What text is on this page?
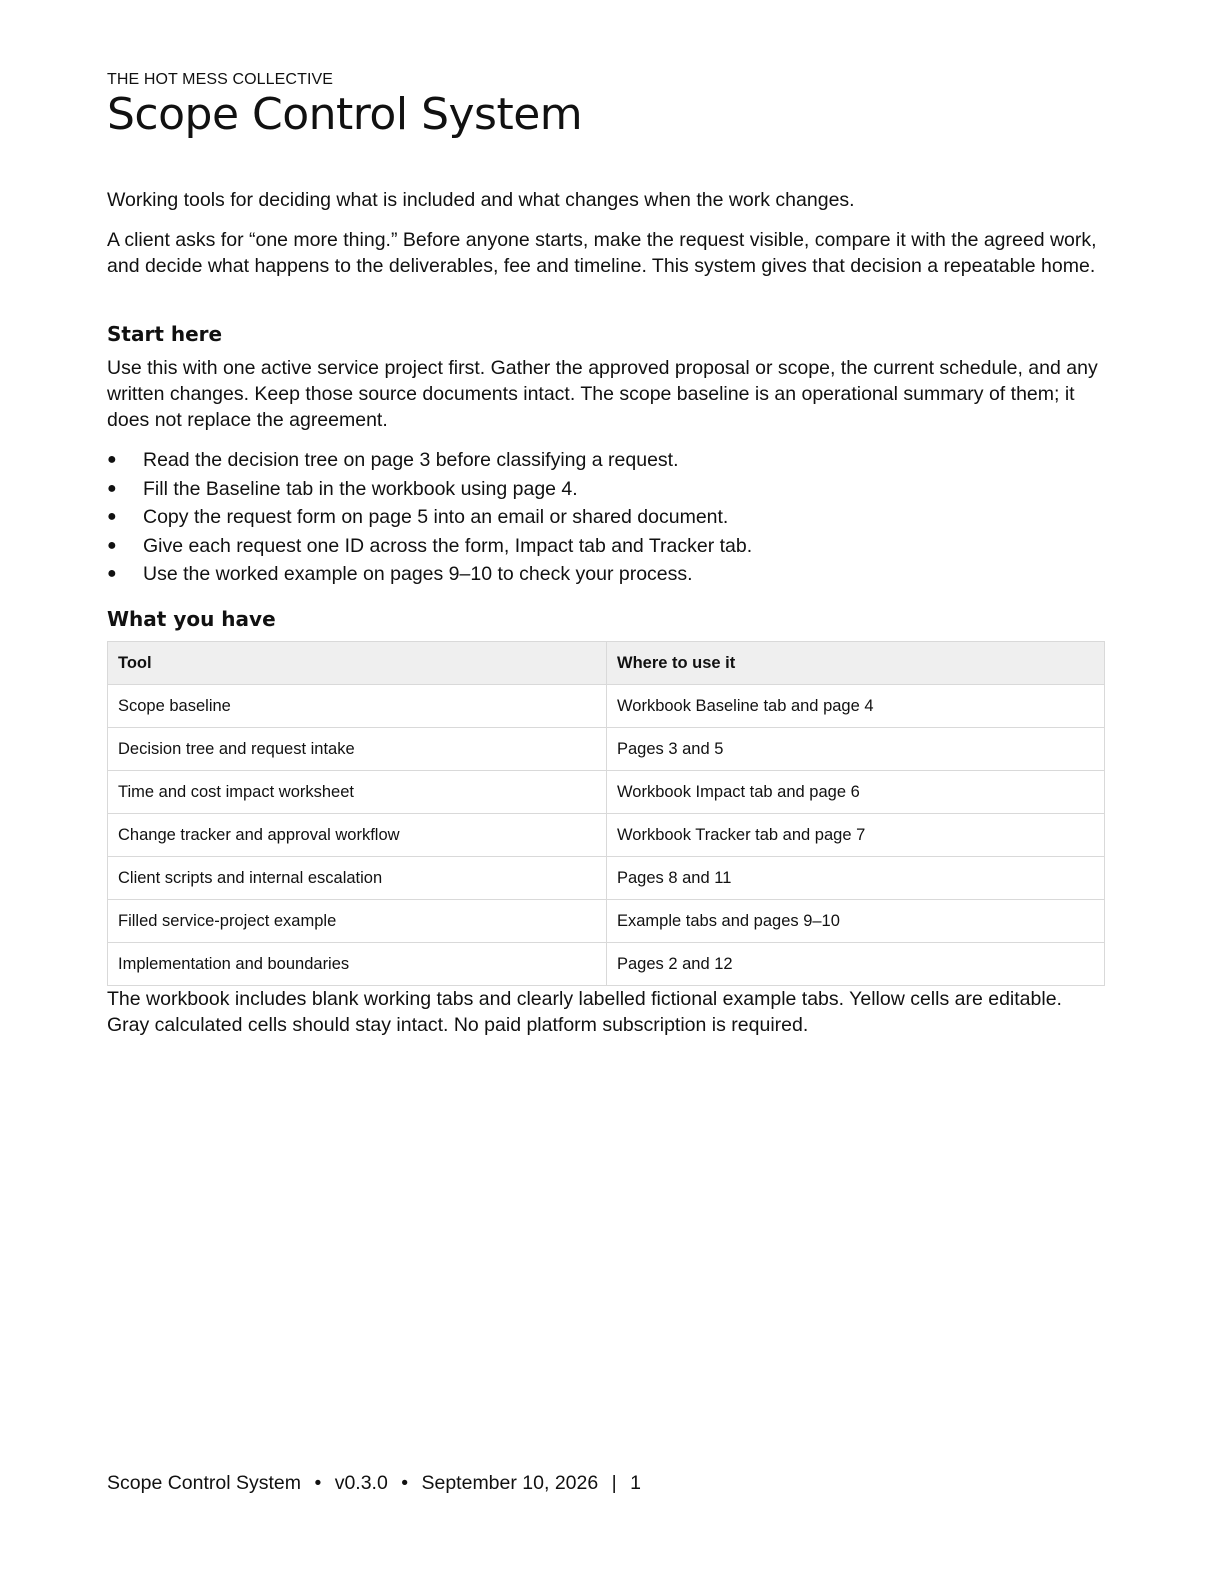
THE HOT MESS COLLECTIVE
Scope Control System

Working tools for deciding what is included and what changes when the work changes.

A client asks for “one more thing.” Before anyone starts, make the request visible, compare it with the agreed work, and decide what happens to the deliverables, fee and timeline. This system gives that decision a repeatable home.

Start here

Use this with one active service project first. Gather the approved proposal or scope, the current schedule, and any written changes. Keep those source documents intact. The scope baseline is an operational summary of them; it does not replace the agreement.

● Read the decision tree on page 3 before classifying a request.
● Fill the Baseline tab in the workbook using page 4.
● Copy the request form on page 5 into an email or shared document.
● Give each request one ID across the form, Impact tab and Tracker tab.
● Use the worked example on pages 9–10 to check your process.
What you have
Tool	Where to use it
Scope baseline	Workbook Baseline tab and page 4
Decision tree and request intake	Pages 3 and 5
Time and cost impact worksheet	Workbook Impact tab and page 6
Change tracker and approval workflow	Workbook Tracker tab and page 7
Client scripts and internal escalation	Pages 8 and 11
Filled service-project example	Example tabs and pages 9–10
Implementation and boundaries	Pages 2 and 12

The workbook includes blank working tabs and clearly labelled fictional example tabs. Yellow cells are editable. Gray calculated cells should stay intact. No paid platform subscription is required.

Scope Control System • v0.3.0 • September 10, 2026 | 1
